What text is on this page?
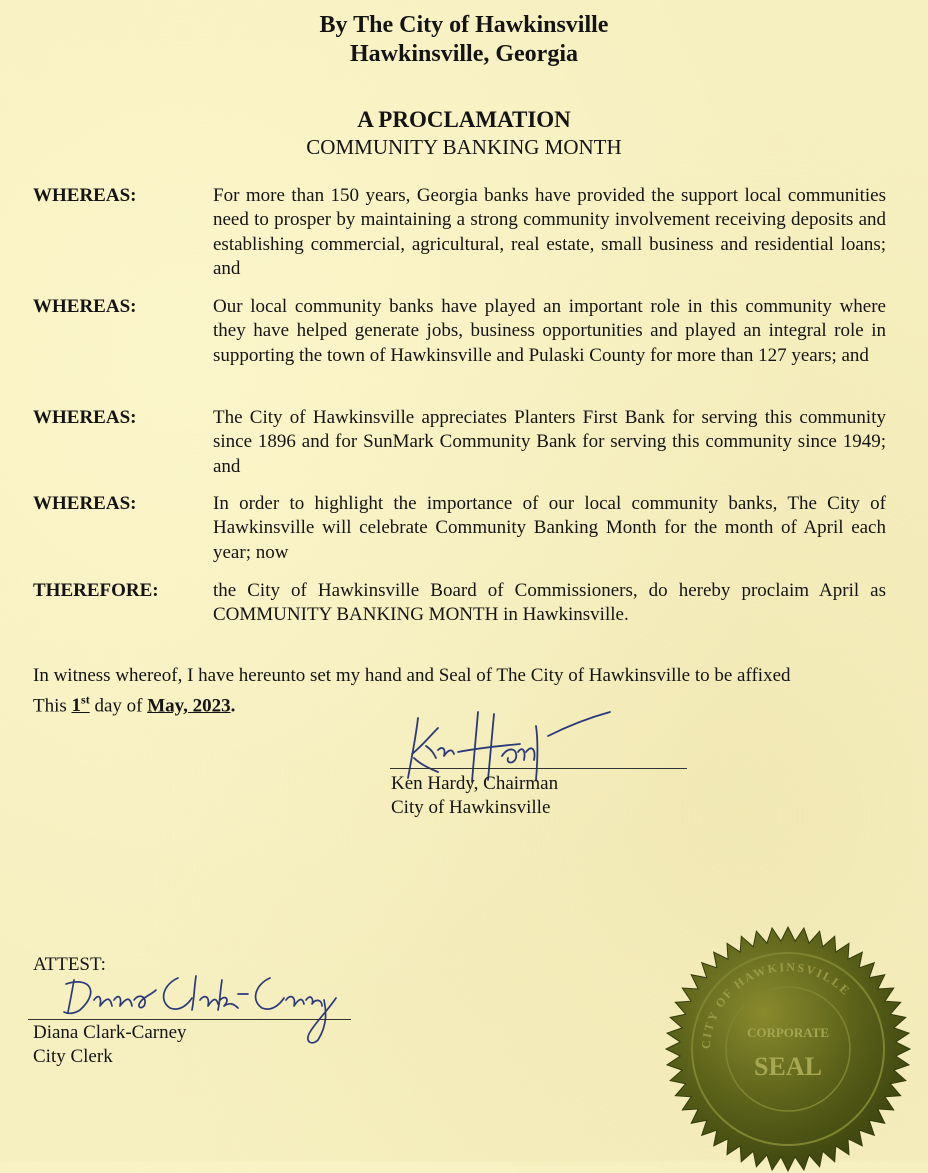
By The City of Hawkinsville
Hawkinsville, Georgia
A PROCLAMATION
COMMUNITY BANKING MONTH
WHEREAS:	For more than 150 years, Georgia banks have provided the support local communities need to prosper by maintaining a strong community involvement receiving deposits and establishing commercial, agricultural, real estate, small business and residential loans; and
WHEREAS:	Our local community banks have played an important role in this community where they have helped generate jobs, business opportunities and played an integral role in supporting the town of Hawkinsville and Pulaski County for more than 127 years; and
WHEREAS:	The City of Hawkinsville appreciates Planters First Bank for serving this community since 1896 and for SunMark Community Bank for serving this community since 1949; and
WHEREAS:	In order to highlight the importance of our local community banks, The City of Hawkinsville will celebrate Community Banking Month for the month of April each year; now
THEREFORE:	the City of Hawkinsville Board of Commissioners, do hereby proclaim April as COMMUNITY BANKING MONTH in Hawkinsville.
In witness whereof, I have hereunto set my hand and Seal of The City of Hawkinsville to be affixed
This 1st day of May, 2023.
Ken Hardy, Chairman
City of Hawkinsville
ATTEST:
Diana Clark-Carney
City Clerk
CITY OF HAWKINSVILLE
CORPORATE
SEAL
